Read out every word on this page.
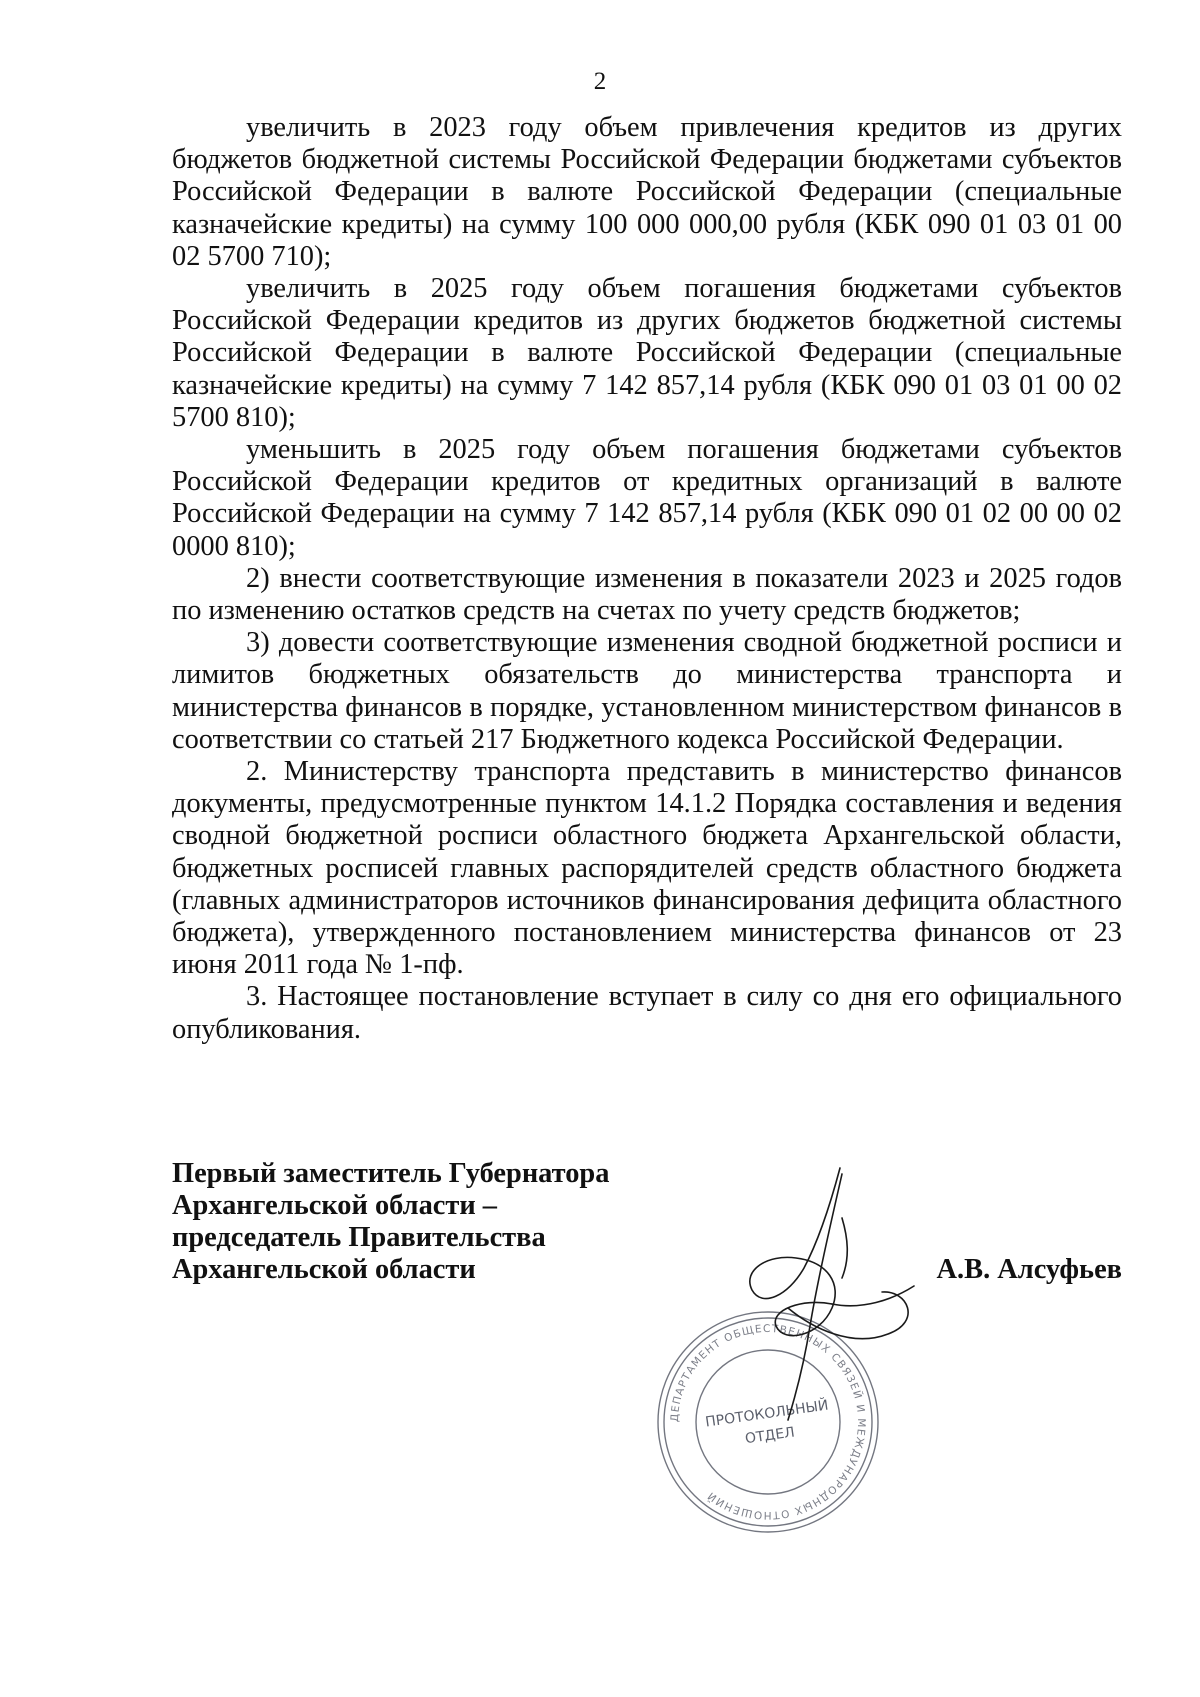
2

увеличить в 2023 году объем привлечения кредитов из других бюджетов бюджетной системы Российской Федерации бюджетами субъектов Российской Федерации в валюте Российской Федерации (специальные казначейские кредиты) на сумму 100 000 000,00 рубля (КБК 090 01 03 01 00 02 5700 710);

увеличить в 2025 году объем погашения бюджетами субъектов Российской Федерации кредитов из других бюджетов бюджетной системы Российской Федерации в валюте Российской Федерации (специальные казначейские кредиты) на сумму 7 142 857,14 рубля (КБК 090 01 03 01 00 02 5700 810);

уменьшить в 2025 году объем погашения бюджетами субъектов Российской Федерации кредитов от кредитных организаций в валюте Российской Федерации на сумму 7 142 857,14 рубля (КБК 090 01 02 00 00 02 0000 810);

2) внести соответствующие изменения в показатели 2023 и 2025 годов по изменению остатков средств на счетах по учету средств бюджетов;

3) довести соответствующие изменения сводной бюджетной росписи и лимитов бюджетных обязательств до министерства транспорта и министерства финансов в порядке, установленном министерством финансов в соответствии со статьей 217 Бюджетного кодекса Российской Федерации.

2. Министерству транспорта представить в министерство финансов документы, предусмотренные пунктом 14.1.2 Порядка составления и ведения сводной бюджетной росписи областного бюджета Архангельской области, бюджетных росписей главных распорядителей средств областного бюджета (главных администраторов источников финансирования дефицита областного бюджета), утвержденного постановлением министерства финансов от 23 июня 2011 года № 1-пф.

3. Настоящее постановление вступает в силу со дня его официального опубликования.

Первый заместитель Губернатора
Архангельской области –
председатель Правительства
Архангельской области
ДЕПАРТАМЕНТ ОБЩЕСТВЕННЫХ СВЯЗЕЙ И МЕЖДУНАРОДНЫХ ОТНОШЕНИЙ
ПРОТОКОЛЬНЫЙ
ОТДЕЛ
А.В. Алсуфьев
